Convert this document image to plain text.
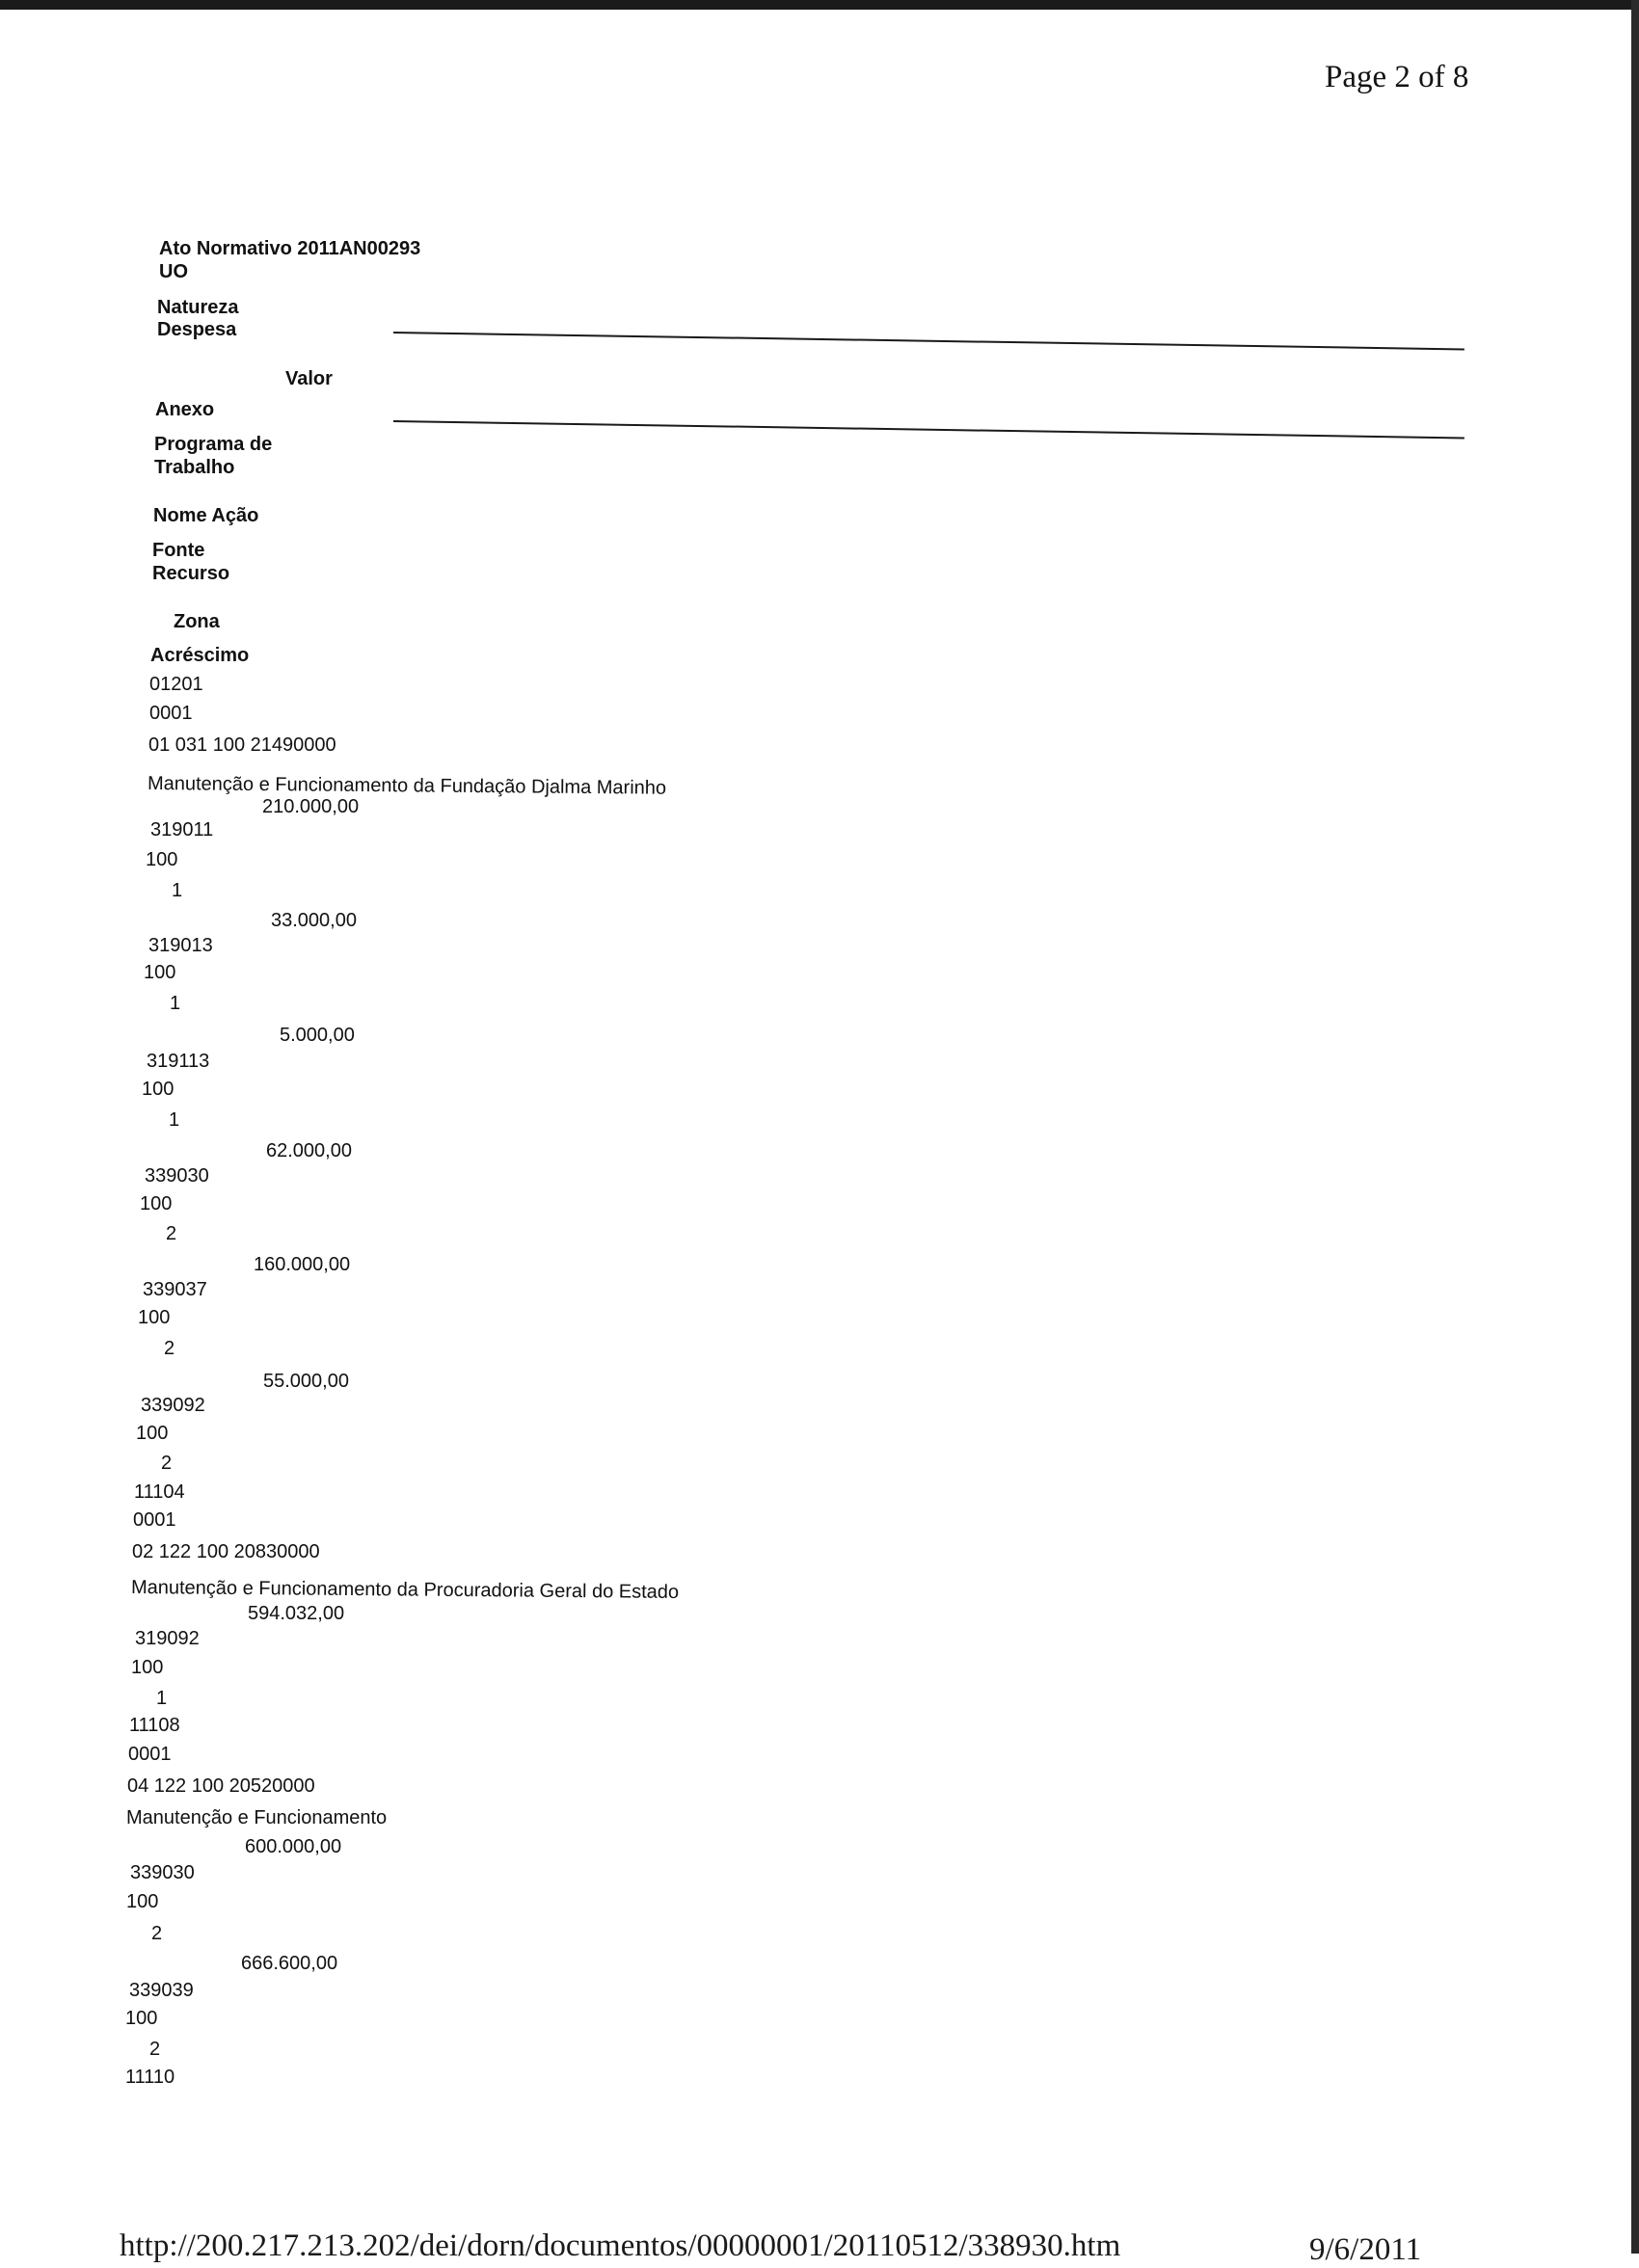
Page 2 of 8
Ato Normativo 2011AN00293
UO
Natureza
Despesa
Valor
Anexo
Programa de
Trabalho
Nome Ação
Fonte
Recurso
Zona
Acréscimo
01201
0001
01 031 100 21490000
Manutenção e Funcionamento da Fundação Djalma Marinho
210.000,00
319011
100
1
33.000,00
319013
100
1
5.000,00
319113
100
1
62.000,00
339030
100
2
160.000,00
339037
100
2
55.000,00
339092
100
2
11104
0001
02 122 100 20830000
Manutenção e Funcionamento da Procuradoria Geral do Estado
594.032,00
319092
100
1
11108
0001
04 122 100 20520000
Manutenção e Funcionamento
600.000,00
339030
100
2
666.600,00
339039
100
2
11110
http://200.217.213.202/dei/dorn/documentos/00000001/20110512/338930.htm	9/6/2011
